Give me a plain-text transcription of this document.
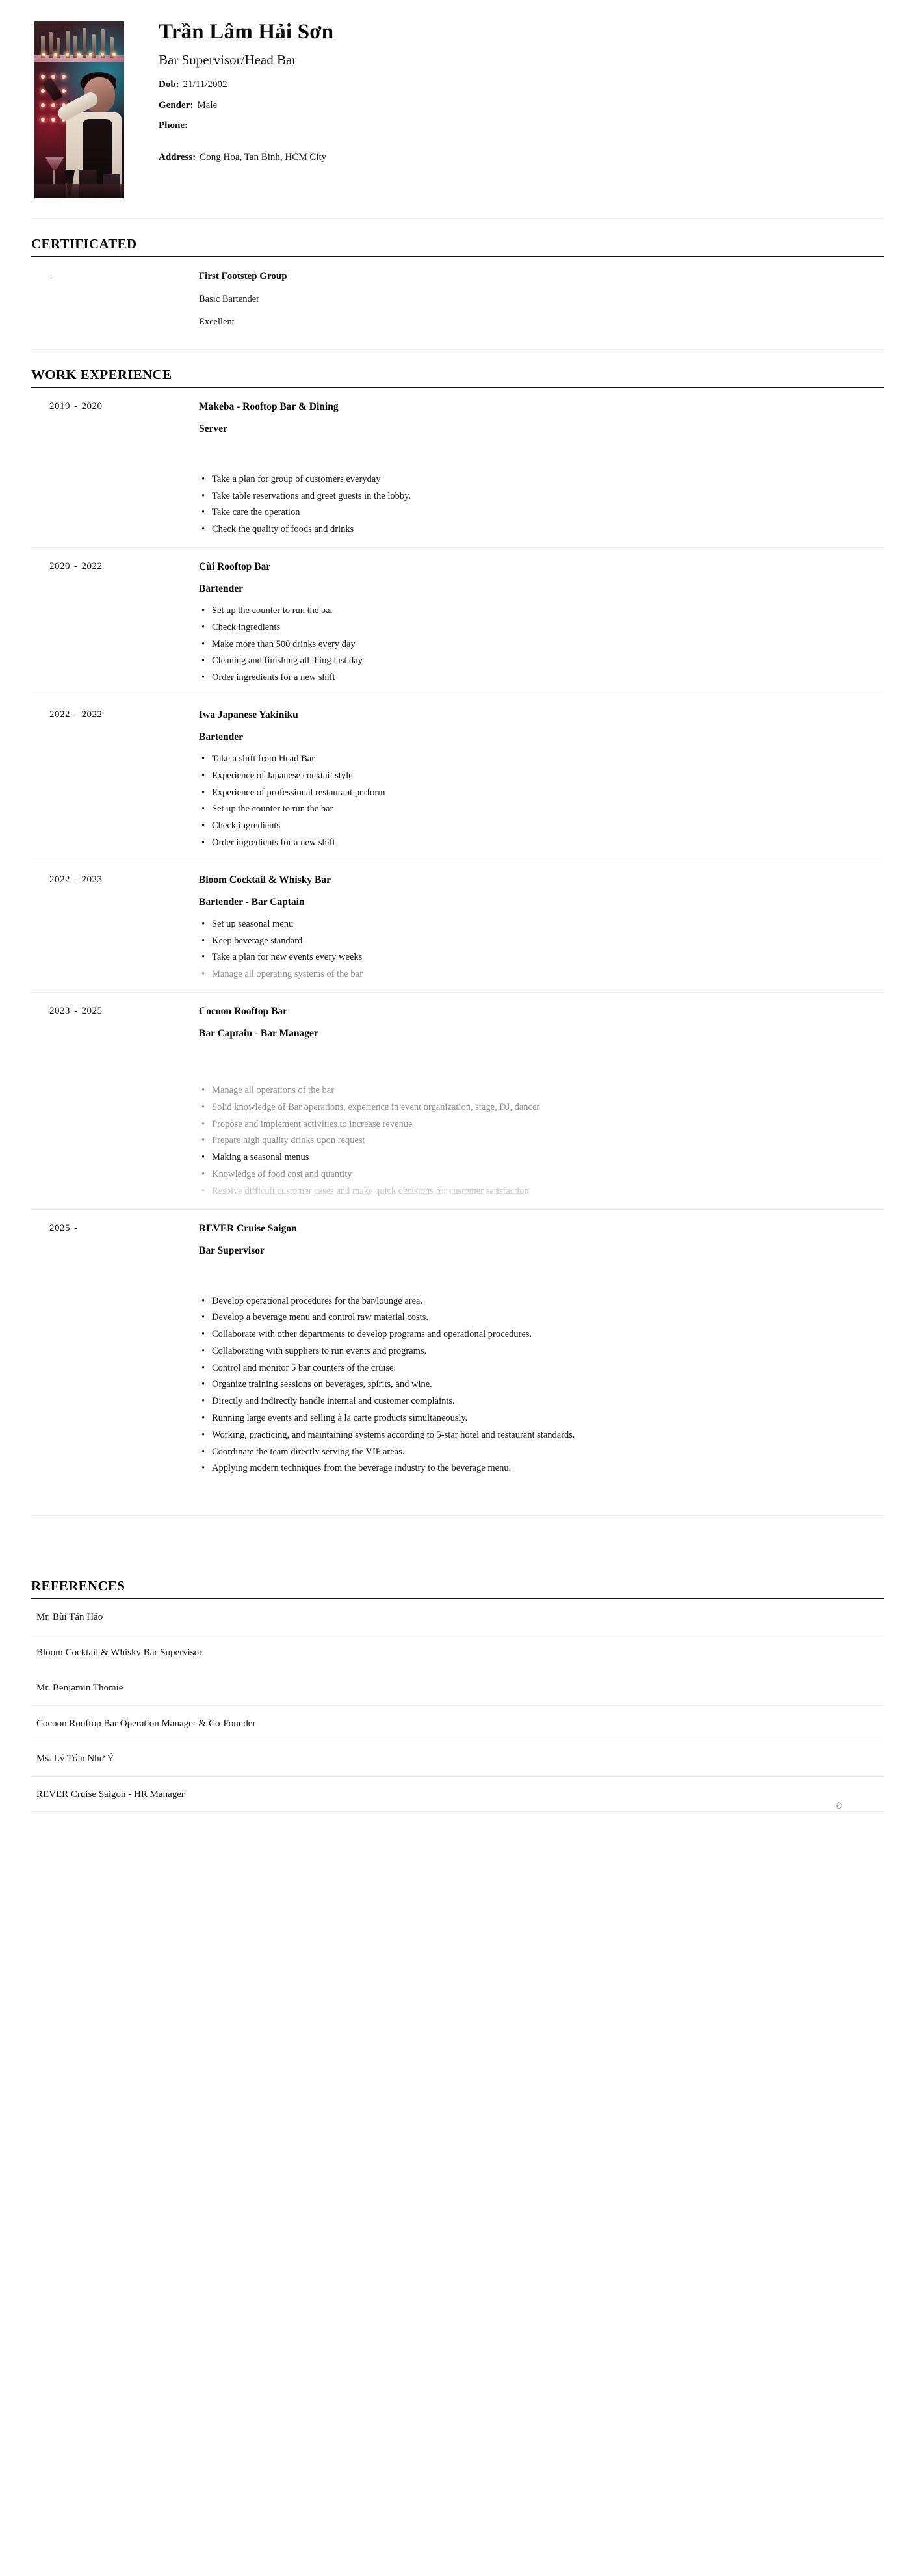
Trần Lâm Hải Sơn
Bar Supervisor/Head Bar
Dob: 21/11/2002
Gender: Male
Phone:
Address: Cong Hoa, Tan Binh, HCM City
CERTIFICATED
-	First Footstep Group
Basic Bartender
Excellent
WORK EXPERIENCE
2019 - 2020	Makeba - Rooftop Bar & Dining
Server
• Take a plan for group of customers everyday
• Take table reservations and greet guests in the lobby.
• Take care the operation
• Check the quality of foods and drinks
2020 - 2022	Cùi Rooftop Bar
Bartender
• Set up the counter to run the bar
• Check ingredients
• Make more than 500 drinks every day
• Cleaning and finishing all thing last day
• Order ingredients for a new shift
2022 - 2022	Iwa Japanese Yakiniku
Bartender
• Take a shift from Head Bar
• Experience of Japanese cocktail style
• Experience of professional restaurant perform
• Set up the counter to run the bar
• Check ingredients
• Order ingredients for a new shift
2022 - 2023	Bloom Cocktail & Whisky Bar
Bartender - Bar Captain
• Set up seasonal menu
• Keep beverage standard
• Take a plan for new events every weeks
• Manage all operating systems of the bar
2023 - 2025	Cocoon Rooftop Bar
Bar Captain - Bar Manager
• Manage all operations of the bar
• Solid knowledge of Bar operations, experience in event organization, stage, DJ, dancer
• Propose and implement activities to increase revenue
• Prepare high quality drinks upon request
• Making a seasonal menus
• Knowledge of food cost and quantity
• Resolve difficult customer cases and make quick decisions for customer satisfaction
2025 -	REVER Cruise Saigon
Bar Supervisor
• Develop operational procedures for the bar/lounge area.
• Develop a beverage menu and control raw material costs.
• Collaborate with other departments to develop programs and operational procedures.
• Collaborating with suppliers to run events and programs.
• Control and monitor 5 bar counters of the cruise.
• Organize training sessions on beverages, spirits, and wine.
• Directly and indirectly handle internal and customer complaints.
• Running large events and selling à la carte products simultaneously.
• Working, practicing, and maintaining systems according to 5-star hotel and restaurant standards.
• Coordinate the team directly serving the VIP areas.
• Applying modern techniques from the beverage industry to the beverage menu.
REFERENCES
Mr. Bùi Tấn Hảo
Bloom Cocktail & Whisky Bar Supervisor
Mr. Benjamin Thomie
Cocoon Rooftop Bar Operation Manager & Co-Founder
Ms. Lý Trần Như Ý
REVER Cruise Saigon - HR Manager
©
